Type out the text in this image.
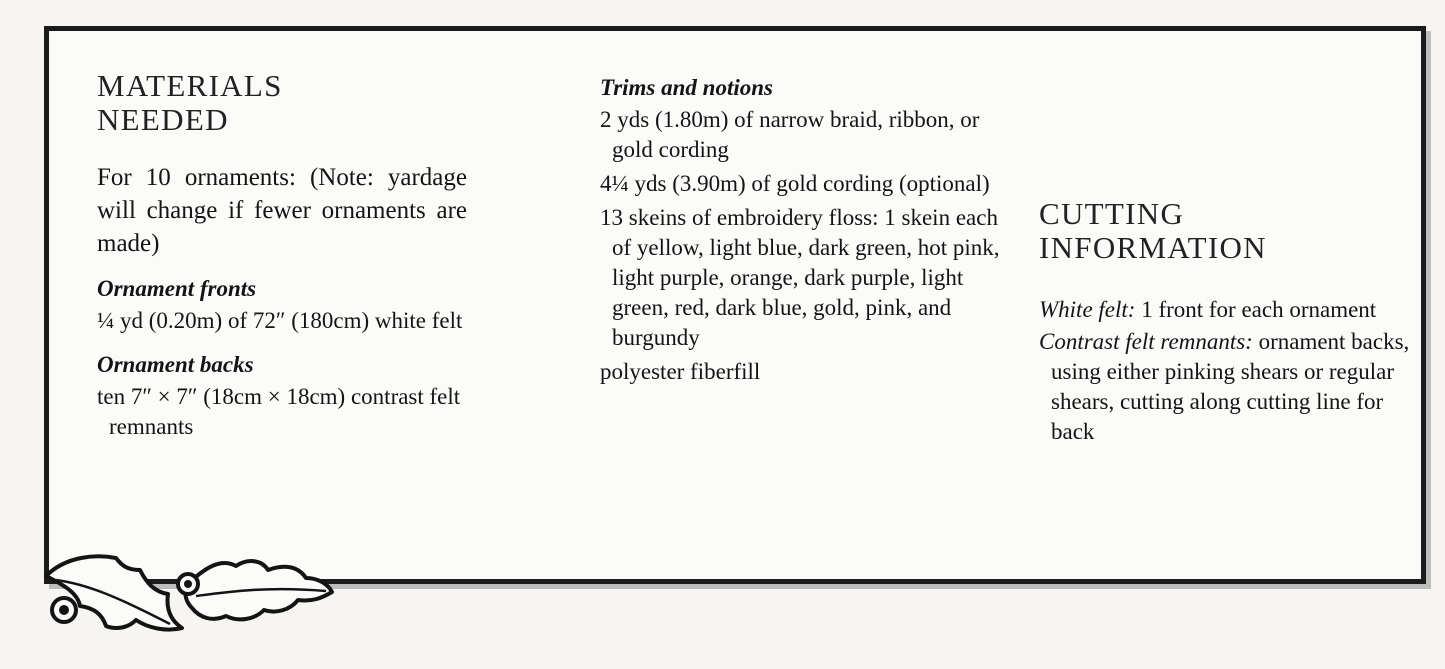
MATERIALS
NEEDED
For 10 ornaments: (Note: yardage will change if fewer ornaments are made)
Ornament fronts
¼ yd (0.20m) of 72″ (180cm) white felt
Ornament backs
ten 7″ × 7″ (18cm × 18cm) contrast felt remnants
Trims and notions
2 yds (1.80m) of narrow braid, ribbon, or gold cording
4¼ yds (3.90m) of gold cording (optional)
13 skeins of embroidery floss: 1 skein each of yellow, light blue, dark green, hot pink, light purple, orange, dark purple, light green, red, dark blue, gold, pink, and burgundy
polyester fiberfill
CUTTING
INFORMATION
White felt: 1 front for each ornament
Contrast felt remnants: ornament backs, using either pinking shears or regular shears, cutting along cutting line for back
